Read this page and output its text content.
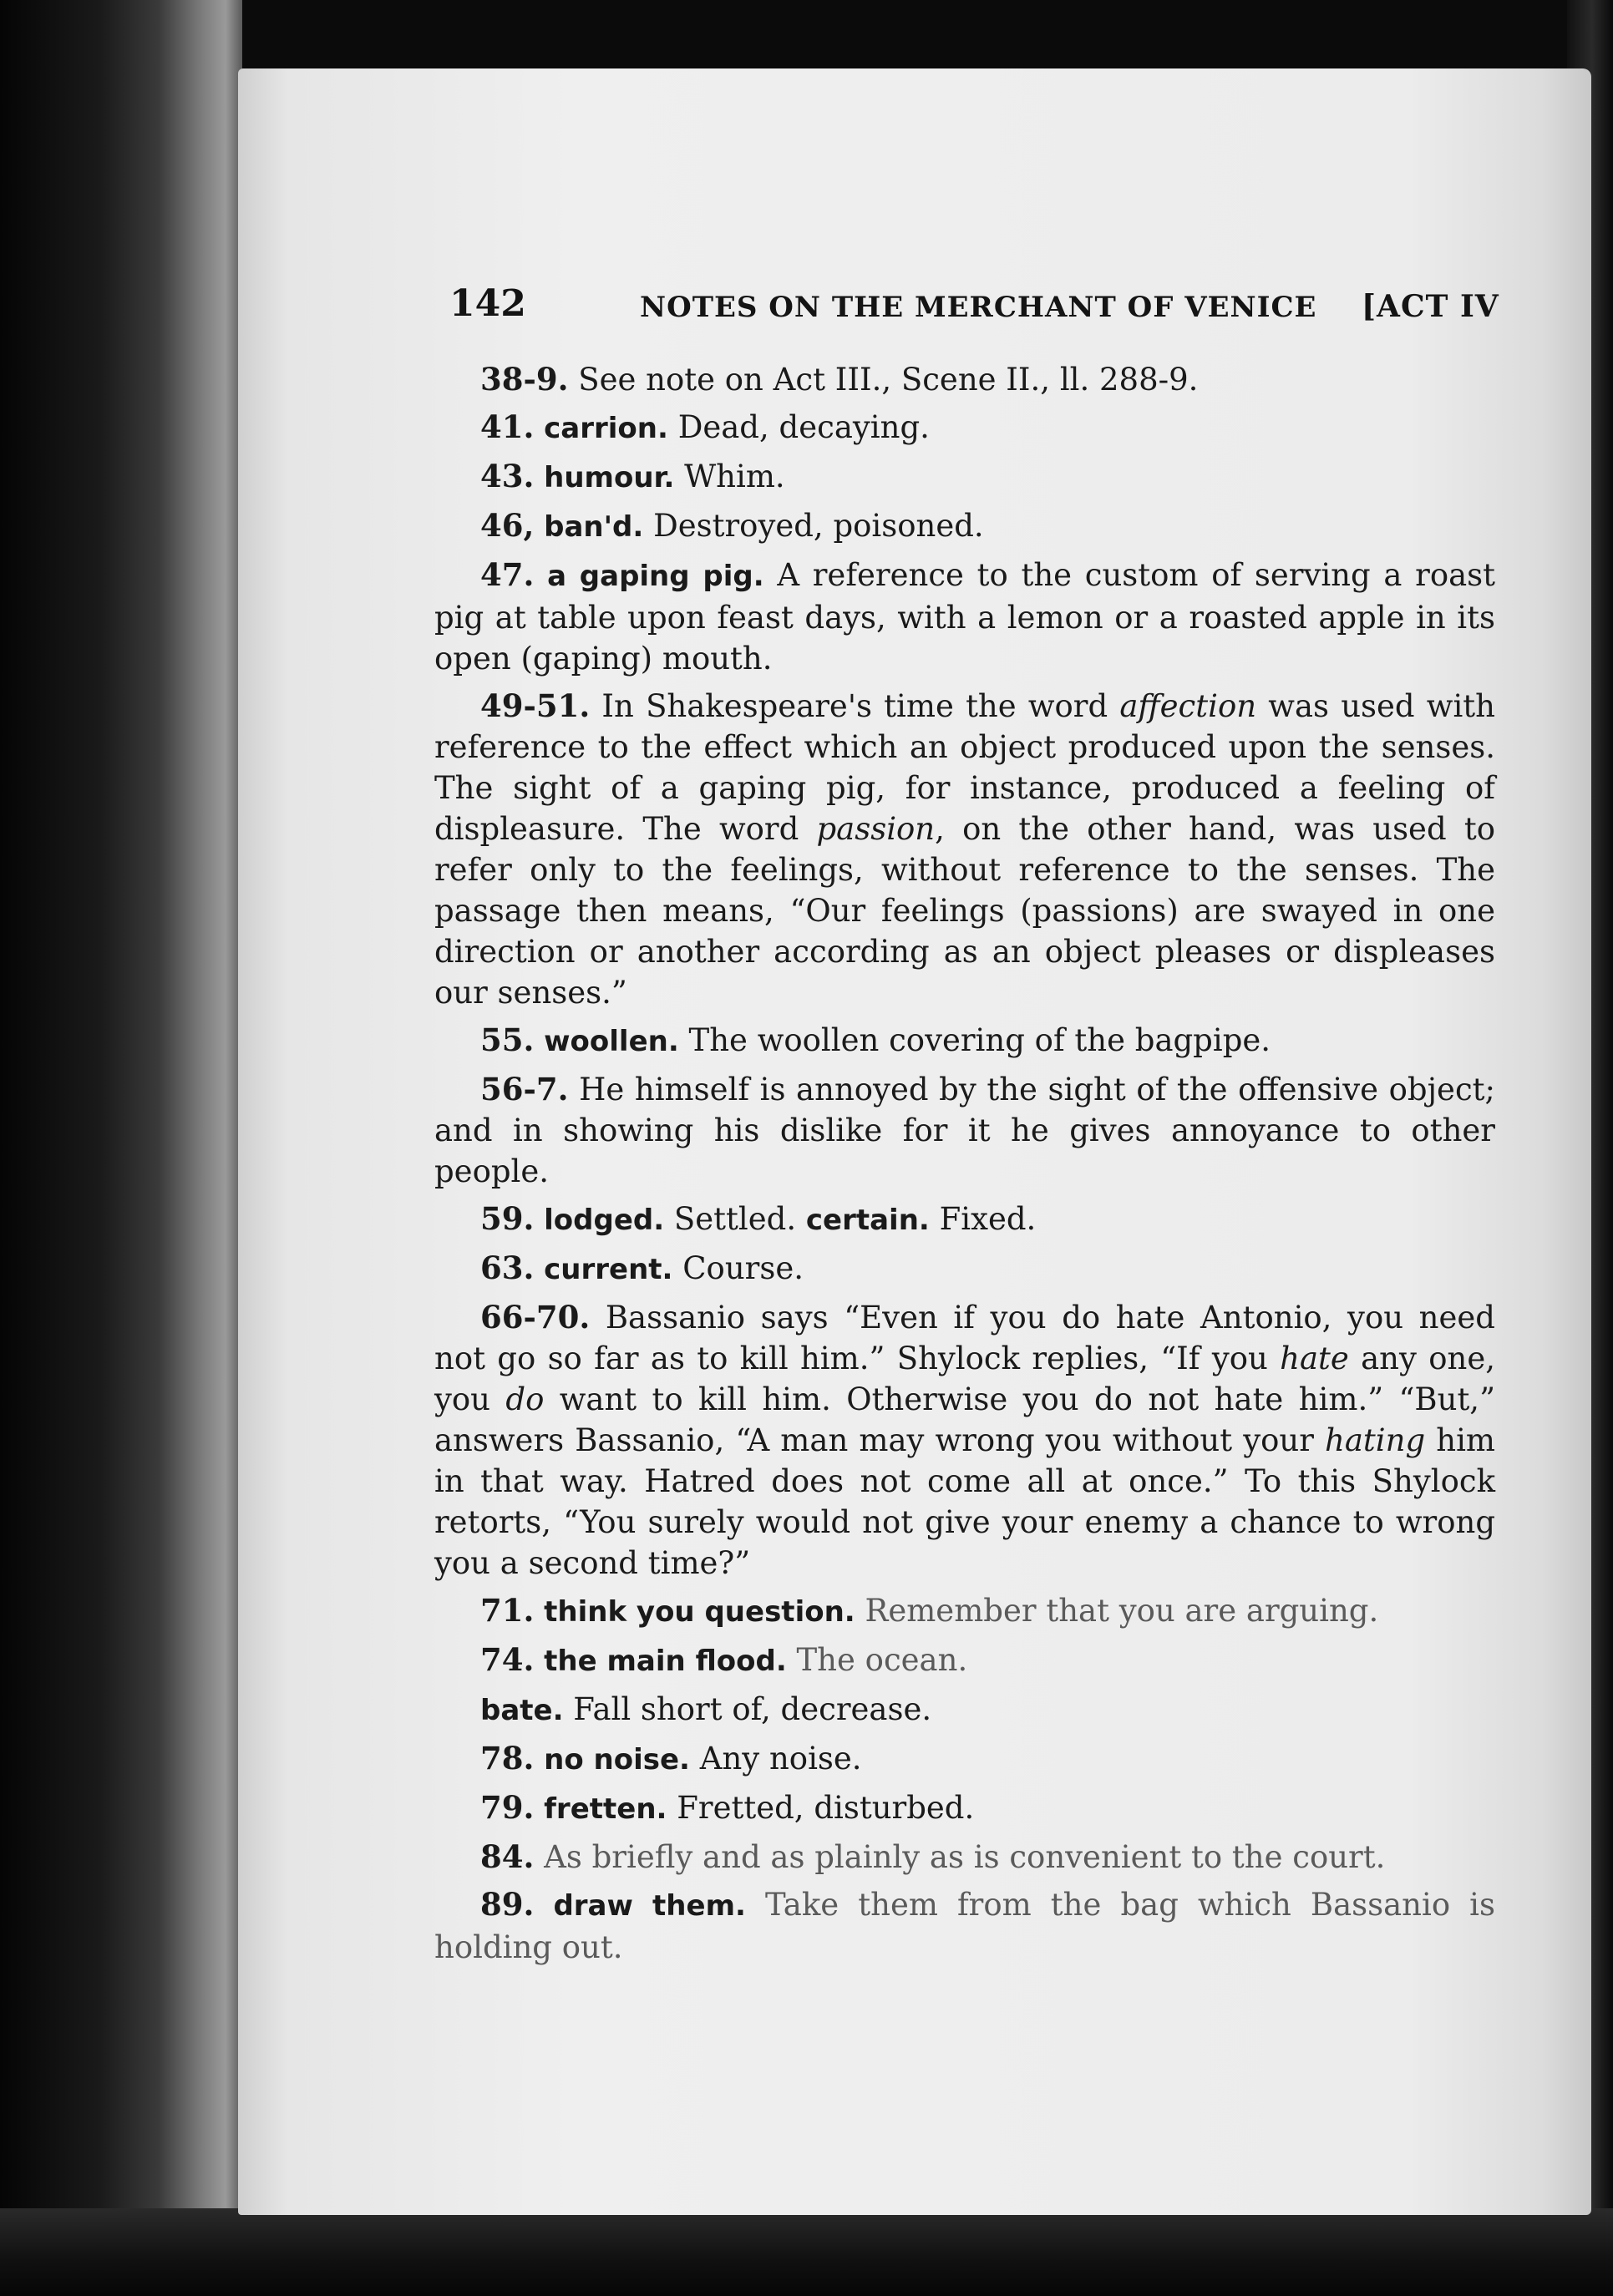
142	NOTES ON THE MERCHANT OF VENICE [ACT IV

38-9. See note on Act III., Scene II., ll. 288-9.

41. carrion. Dead, decaying.

43. humour. Whim.

46, ban'd. Destroyed, poisoned.

47. a gaping pig. A reference to the custom of serving a roast pig at table upon feast days, with a lemon or a roasted apple in its open (gaping) mouth.

49-51. In Shakespeare's time the word affection was used with reference to the effect which an object produced upon the senses. The sight of a gaping pig, for instance, produced a feeling of displeasure. The word passion, on the other hand, was used to refer only to the feelings, without reference to the senses. The passage then means, “Our feelings (passions) are swayed in one direction or another according as an object pleases or displeases our senses.”

55. woollen. The woollen covering of the bagpipe.

56-7. He himself is annoyed by the sight of the offensive object; and in showing his dislike for it he gives annoyance to other people.

59. lodged. Settled. certain. Fixed.

63. current. Course.

66-70. Bassanio says “Even if you do hate Antonio, you need not go so far as to kill him.” Shylock replies, “If you hate any one, you do want to kill him. Otherwise you do not hate him.” “But,” answers Bassanio, “A man may wrong you without your hating him in that way. Hatred does not come all at once.” To this Shylock retorts, “You surely would not give your enemy a chance to wrong you a second time?”

71. think you question. Remember that you are arguing.

74. the main flood. The ocean.

bate. Fall short of, decrease.

78. no noise. Any noise.

79. fretten. Fretted, disturbed.

84. As briefly and as plainly as is convenient to the court.

89. draw them. Take them from the bag which Bassanio is holding out.
